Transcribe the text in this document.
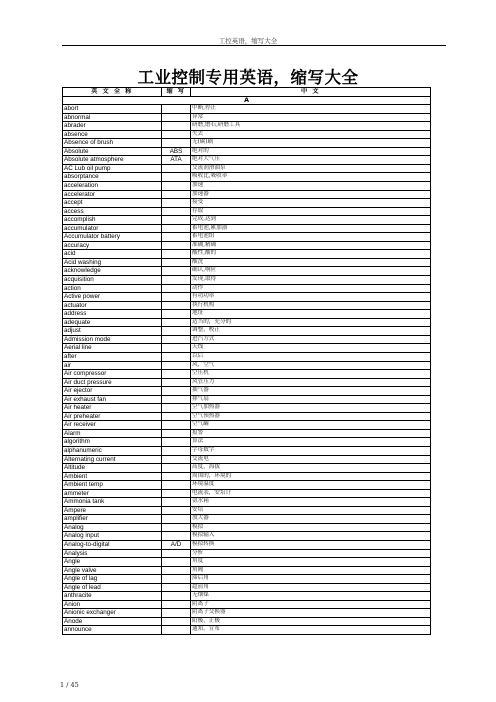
工控英语，缩写大全
工业控制专用英语，缩写大全
英 文 全 称	缩 写	中 文
A		
abort		中断,停止
abnormal		异常
abrader		研磨,磨石,研磨工具
absence		失去
Absence of brush		无(碳)刷
Absolute	ABS	绝对的
Absolute atmosphere	ATA	绝对大气压
AC Lub oil pump		交流润滑油泵
absorptance		吸收比,吸收率
acceleration		加速
accelerator		加速器
accept		接受
access		存取
accomplish		完成,达到
accumulator		蓄电池,累加器
Accumulator battery		蓄电池组
accuracy		准确,精确
acid		酸性,酸的
Acid washing		酸洗
acknowledge		确认,响应
acquisition		发现,取得
action		动作
Active power		有功功率
actuator		执行机构
address		地址
adequate		适当的，充分的
adjust		调整，校正
Admission mode		进汽方式
Aerial line		天线
after		以后
air		风，空气
Air compressor		空压机
Air duct pressure		风管压力
Air ejector		抽气器
Air exhaust fan		排气扇
Air heater		空气加热器
Air preheater		空气预热器
Air receiver		空气罐
Alarm		报警
algorithm		算法
alphanumeric		字母数字
Alternating current		交流电
Altitude		高度，海拔
Ambient		周围的，环境的
Ambient temp		环境温度
ammeter		电流表，安培计
Ammonia tank		氨水箱
Ampere		安培
amplifier		放大器
Analog		模拟
Analog input		模拟输入
Analog-to-digital	A/D	模拟转换
Analysis		分析
Angle		角度
Angle valve		角阀
Angle of lag		滞后角
Angle of lead		超前角
anthracite		无烟煤
Anion		阴离子
Anionic exchanger		阴离子交换器
Anode		阳极，正极
announce		通知，宣布
1 / 45
